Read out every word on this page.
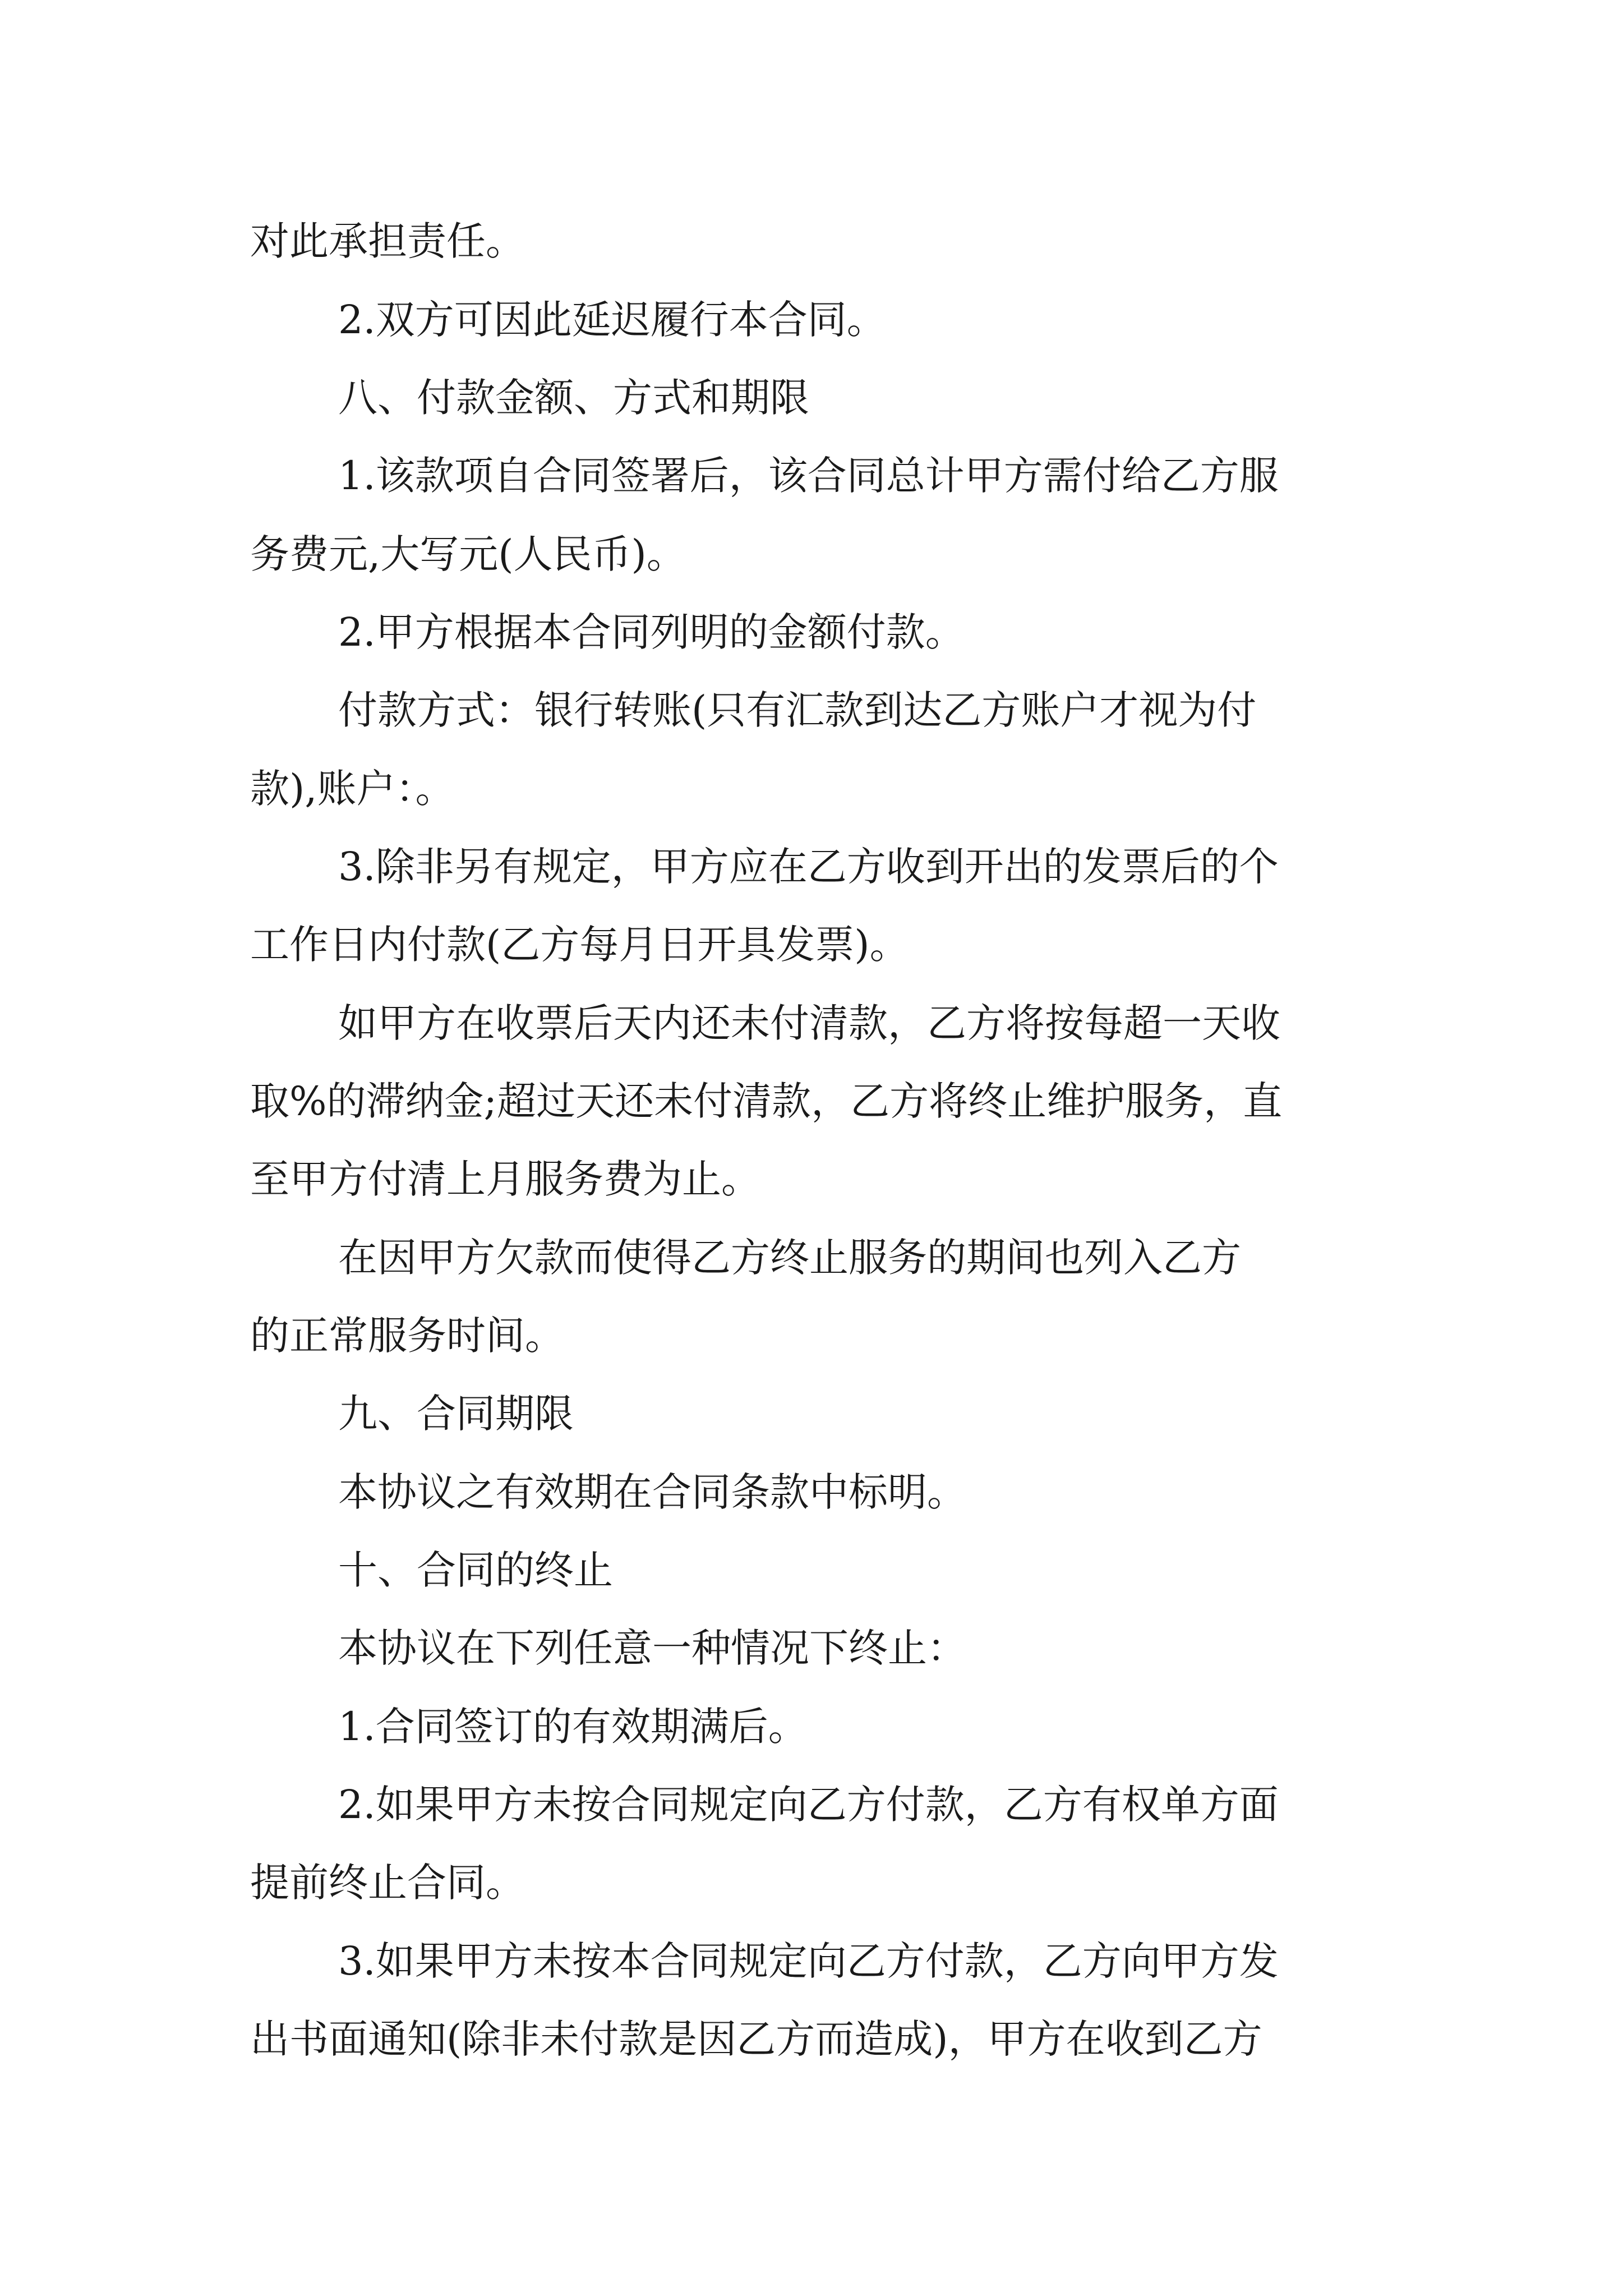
对此承担责任。

2.双方可因此延迟履行本合同。

八、付款金额、方式和期限

1.该款项自合同签署后，该合同总计甲方需付给乙方服

务费元,大写元(人民币)。

2.甲方根据本合同列明的金额付款。

付款方式：银行转账(只有汇款到达乙方账户才视为付

款),账户：。

3.除非另有规定，甲方应在乙方收到开出的发票后的个

工作日内付款(乙方每月日开具发票)。

如甲方在收票后天内还未付清款，乙方将按每超一天收

取%的滞纳金;超过天还未付清款，乙方将终止维护服务，直

至甲方付清上月服务费为止。

在因甲方欠款而使得乙方终止服务的期间也列入乙方

的正常服务时间。

九、合同期限

本协议之有效期在合同条款中标明。

十、合同的终止

本协议在下列任意一种情况下终止：

1.合同签订的有效期满后。

2.如果甲方未按合同规定向乙方付款，乙方有权单方面

提前终止合同。

3.如果甲方未按本合同规定向乙方付款，乙方向甲方发

出书面通知(除非未付款是因乙方而造成)，甲方在收到乙方
